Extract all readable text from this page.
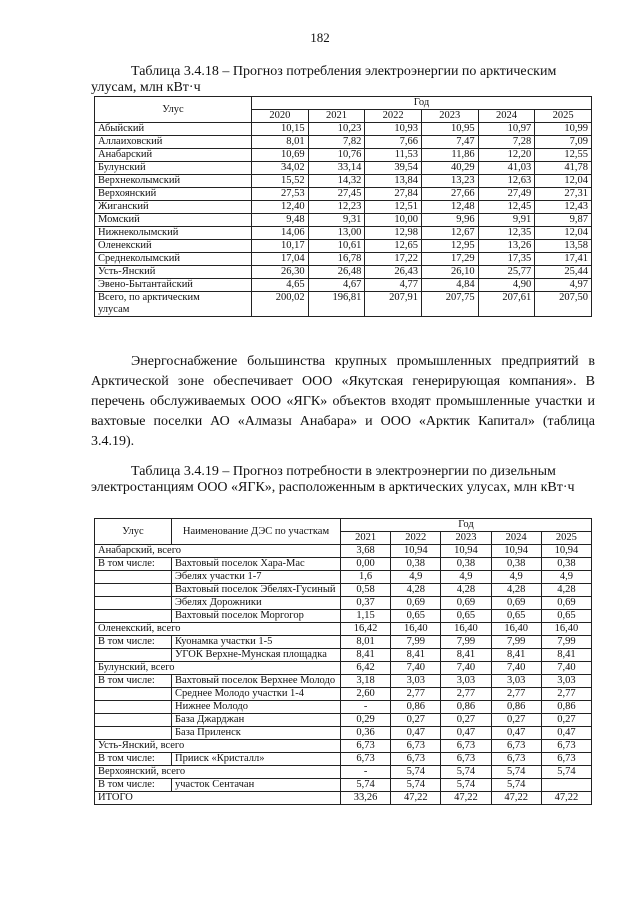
182
Таблица 3.4.18 – Прогноз потребления электроэнергии по арктическим улусам, млн кВт·ч
Улус	Год					
	2020	2021	2022	2023	2024	2025
Абыйский	10,15	10,23	10,93	10,95	10,97	10,99
Аллаиховский	8,01	7,82	7,66	7,47	7,28	7,09
Анабарский	10,69	10,76	11,53	11,86	12,20	12,55
Булунский	34,02	33,14	39,54	40,29	41,03	41,78
Верхнеколымский	15,52	14,32	13,84	13,23	12,63	12,04
Верхоянский	27,53	27,45	27,84	27,66	27,49	27,31
Жиганский	12,40	12,23	12,51	12,48	12,45	12,43
Момский	9,48	9,31	10,00	9,96	9,91	9,87
Нижнеколымский	14,06	13,00	12,98	12,67	12,35	12,04
Оленекский	10,17	10,61	12,65	12,95	13,26	13,58
Среднеколымский	17,04	16,78	17,22	17,29	17,35	17,41
Усть-Янский	26,30	26,48	26,43	26,10	25,77	25,44
Эвено-Бытантайский	4,65	4,67	4,77	4,84	4,90	4,97

Всего, по арктическим
улусам	200,02	196,81	207,91	207,75	207,61	207,50
Энергоснабжение большинства крупных промышленных предприятий в Арктической зоне обеспечивает ООО «Якутская генерирующая компания». В перечень обслуживаемых ООО «ЯГК» объектов входят промышленные участки и вахтовые поселки АО «Алмазы Анабара» и ООО «Арктик Капитал» (таблица 3.4.19).
Таблица 3.4.19 – Прогноз потребности в электроэнергии по дизельным электростанциям ООО «ЯГК», расположенным в арктических улусах, млн кВт·ч
Улус	Наименование ДЭС по участкам	Год				
		2021	2022	2023	2024	2025
Анабарский, всего		3,68	10,94	10,94	10,94	10,94
В том числе:	Вахтовый поселок Хара-Мас	0,00	0,38	0,38	0,38	0,38
	Эбелях участки 1-7	1,6	4,9	4,9	4,9	4,9
	Вахтовый поселок Эбелях-Гусиный	0,58	4,28	4,28	4,28	4,28
	Эбелях Дорожники	0,37	0,69	0,69	0,69	0,69
	Вахтовый поселок Моргогор	1,15	0,65	0,65	0,65	0,65
Оленекский, всего		16,42	16,40	16,40	16,40	16,40
В том числе:	Куонамка участки 1-5	8,01	7,99	7,99	7,99	7,99
	УГОК Верхне-Мунская площадка	8,41	8,41	8,41	8,41	8,41
Булунский, всего		6,42	7,40	7,40	7,40	7,40
В том числе:	Вахтовый поселок Верхнее Молодо	3,18	3,03	3,03	3,03	3,03
	Среднее Молодо участки 1-4	2,60	2,77	2,77	2,77	2,77
	Нижнее Молодо	-	0,86	0,86	0,86	0,86
	База Джарджан	0,29	0,27	0,27	0,27	0,27
	База Приленск	0,36	0,47	0,47	0,47	0,47
Усть-Янский, всего		6,73	6,73	6,73	6,73	6,73
В том числе:	Прииск «Кристалл»	6,73	6,73	6,73	6,73	6,73
Верхоянский, всего		-	5,74	5,74	5,74	5,74
В том числе:	участок Сентачан	5,74	5,74	5,74	5,74	
ИТОГО		33,26	47,22	47,22	47,22	47,22
